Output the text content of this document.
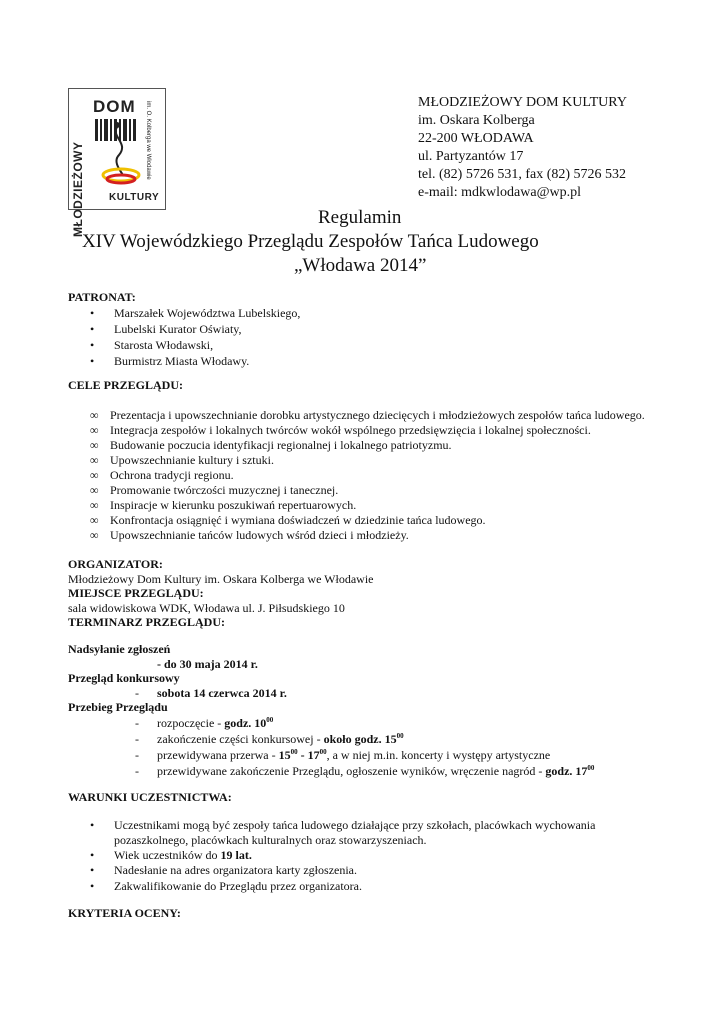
DOM
MŁODZIEŻOWY KULTURY
im. O. Kolberga we Włodawie	MŁODZIEŻOWY DOM KULTURY
im. Oskara Kolberga
22-200 WŁODAWA
ul. Partyzantów 17
tel. (82) 5726 531, fax (82) 5726 532
e-mail: mdkwlodawa@wp.pl
Regulamin
XIV Wojewódzkiego Przeglądu Zespołów Tańca Ludowego
„Włodawa 2014”
PATRONAT:
• Marszałek Województwa Lubelskiego,
• Lubelski Kurator Oświaty,
• Starosta Włodawski,
• Burmistrz Miasta Włodawy.
CELE PRZEGLĄDU:
∞ Prezentacja i upowszechnianie dorobku artystycznego dziecięcych i młodzieżowych zespołów tańca ludowego.
∞ Integracja zespołów i lokalnych twórców wokół wspólnego przedsięwzięcia i lokalnej społeczności.
∞ Budowanie poczucia identyfikacji regionalnej i lokalnego patriotyzmu.
∞ Upowszechnianie kultury i sztuki.
∞ Ochrona tradycji regionu.
∞ Promowanie twórczości muzycznej i tanecznej.
∞ Inspiracje w kierunku poszukiwań repertuarowych.
∞ Konfrontacja osiągnięć i wymiana doświadczeń w dziedzinie tańca ludowego.
∞ Upowszechnianie tańców ludowych wśród dzieci i młodzieży.
ORGANIZATOR:
Młodzieżowy Dom Kultury im. Oskara Kolberga we Włodawie
MIEJSCE PRZEGLĄDU:
sala widowiskowa WDK, Włodawa ul. J. Piłsudskiego 10
TERMINARZ PRZEGLĄDU:
Nadsyłanie zgłoszeń
- do 30 maja 2014 r.
Przegląd konkursowy
- sobota 14 czerwca 2014 r.
Przebieg Przeglądu
- rozpoczęcie - godz. $10^{00}$
- zakończenie części konkursowej - około godz. $15^{00}$
- przewidywana przerwa - $15^{00} - 17^{00}$, a w niej m.in. koncerty i występy artystyczne
- przewidywane zakończenie Przeglądu, ogłoszenie wyników, wręczenie nagród - godz. $17^{00}$
WARUNKI UCZESTNICTWA:
• Uczestnikami mogą być zespoły tańca ludowego działające przy szkołach, placówkach wychowania
pozaszkolnego, placówkach kulturalnych oraz stowarzyszeniach.
• Wiek uczestników do 19 lat.
• Nadesłanie na adres organizatora karty zgłoszenia.
• Zakwalifikowanie do Przeglądu przez organizatora.
KRYTERIA OCENY:
